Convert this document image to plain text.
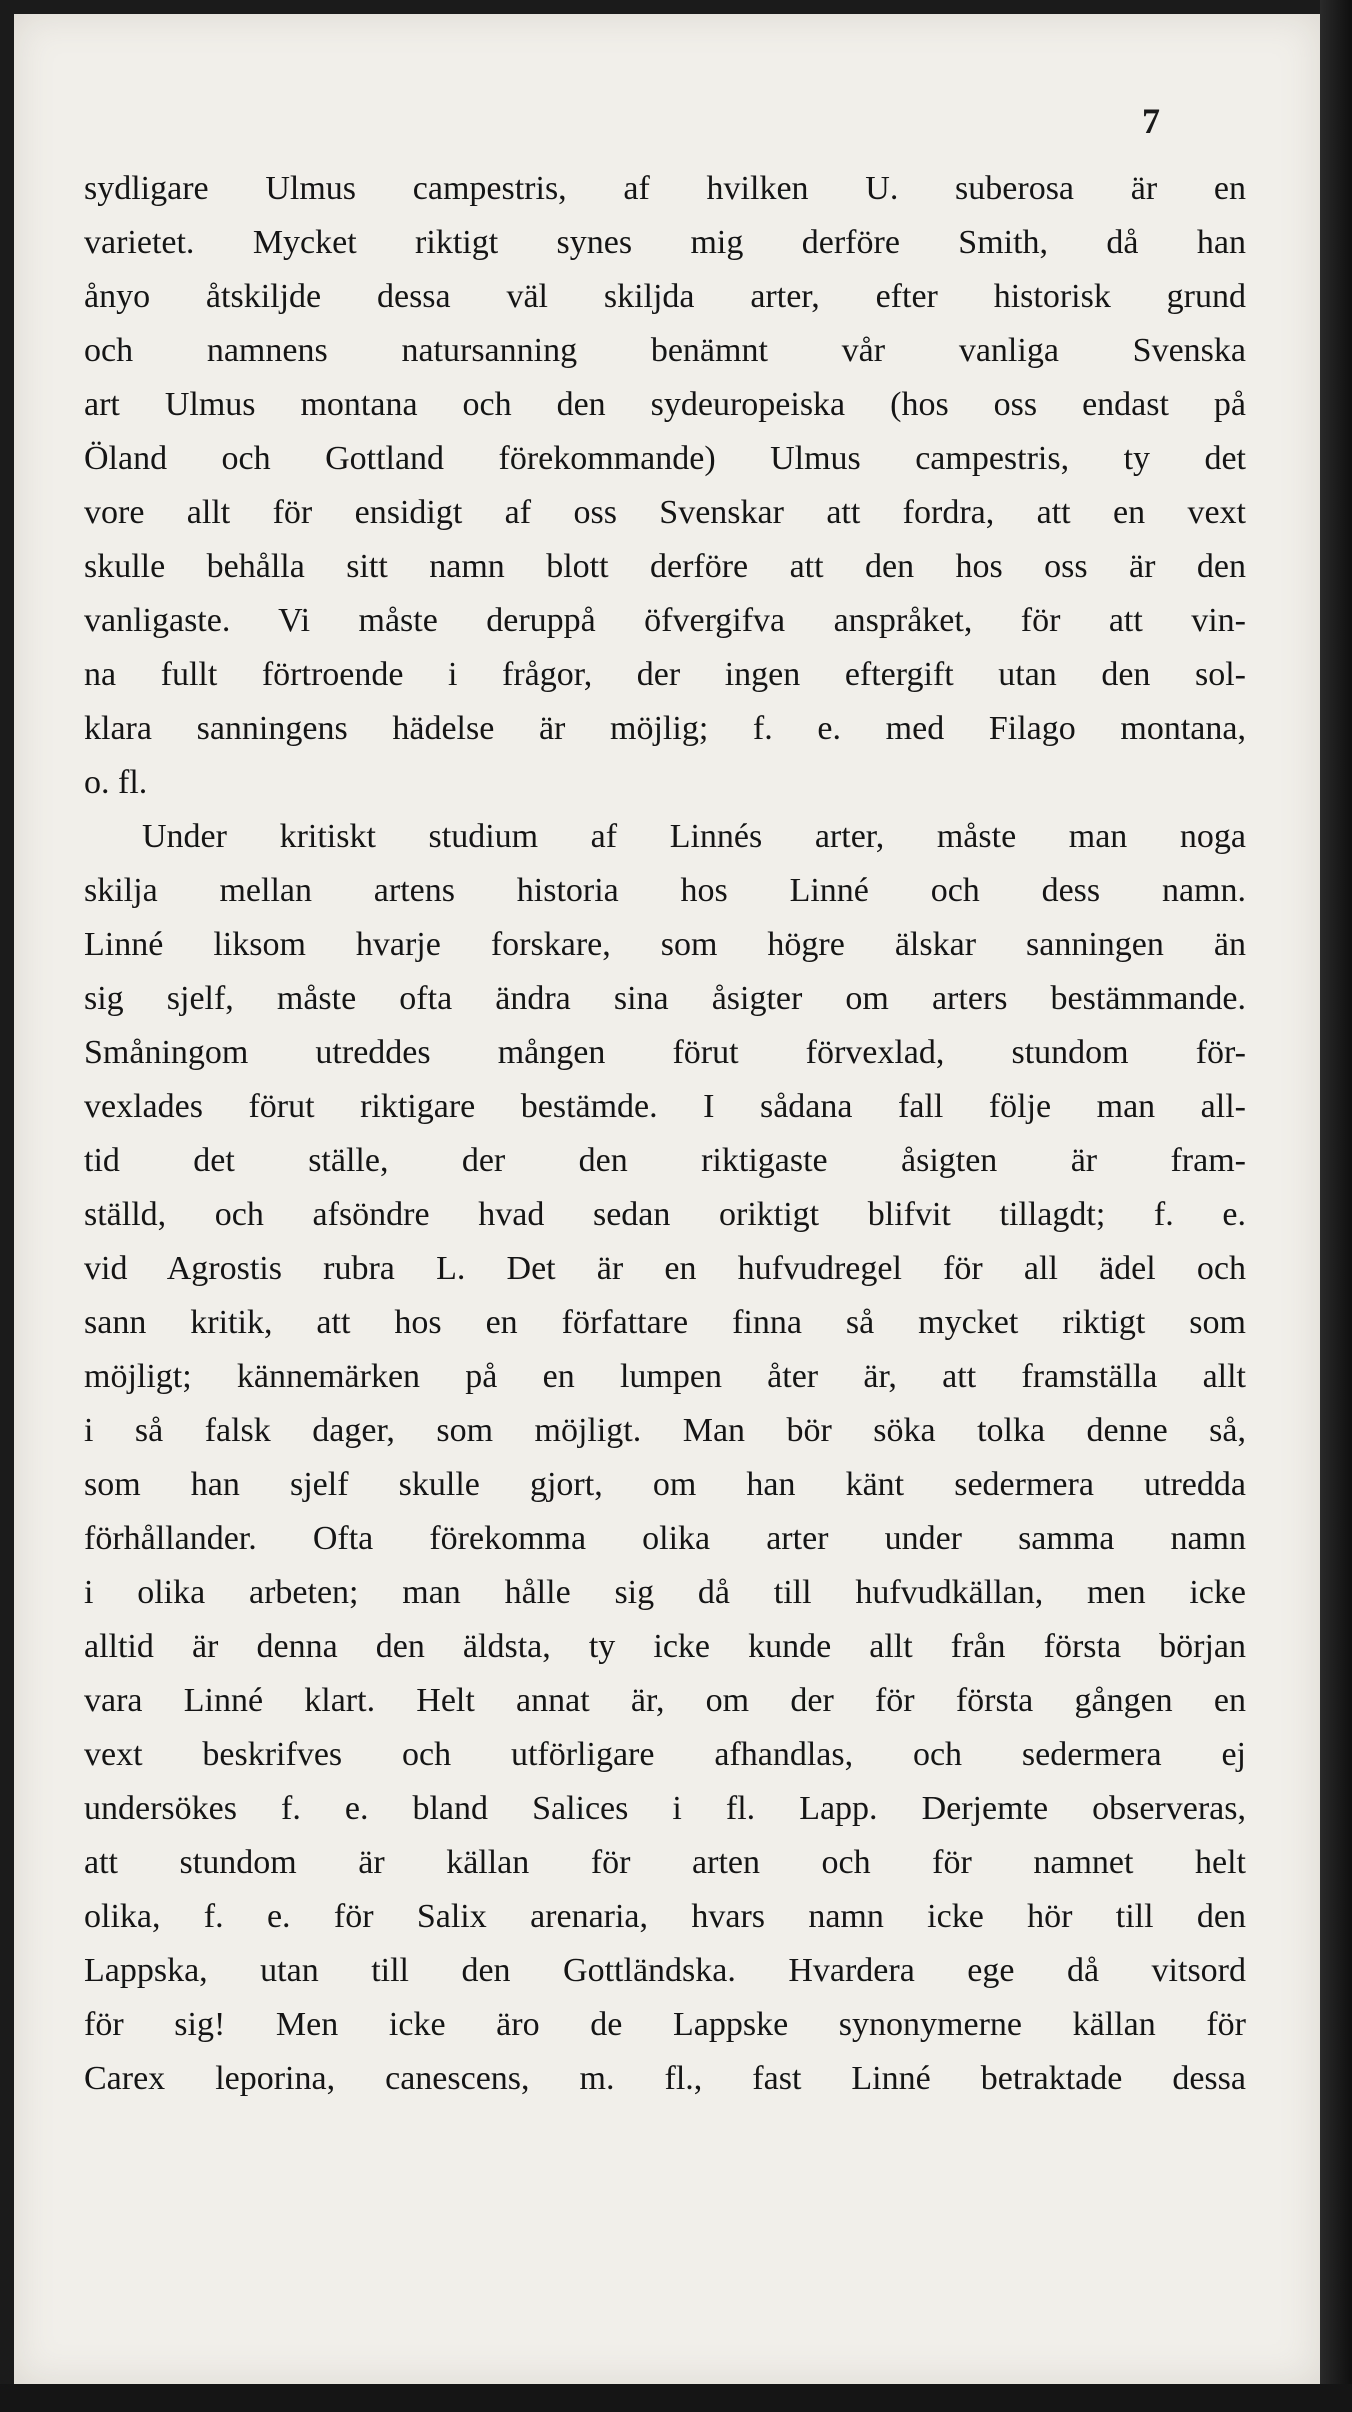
7
sydligare Ulmus campestris, af hvilken U. suberosa är en
varietet. Mycket riktigt synes mig derföre Smith, då han
ånyo åtskiljde dessa väl skiljda arter, efter historisk grund
och namnens natursanning benämnt vår vanliga Svenska
art Ulmus montana och den sydeuropeiska (hos oss endast på
Öland och Gottland förekommande) Ulmus campestris, ty det
vore allt för ensidigt af oss Svenskar att fordra, att en vext
skulle behålla sitt namn blott derföre att den hos oss är den
vanligaste. Vi måste deruppå öfvergifva anspråket, för att vin-
na fullt förtroende i frågor, der ingen eftergift utan den sol-
klara sanningens hädelse är möjlig; f. e. med Filago montana,
o. fl.
Under kritiskt studium af Linnés arter, måste man noga
skilja mellan artens historia hos Linné och dess namn.
Linné liksom hvarje forskare, som högre älskar sanningen än
sig sjelf, måste ofta ändra sina åsigter om arters bestämmande.
Småningom utreddes mången förut förvexlad, stundom för-
vexlades förut riktigare bestämde. I sådana fall följe man all-
tid det ställe, der den riktigaste åsigten är fram-
ställd, och afsöndre hvad sedan oriktigt blifvit tillagdt; f. e.
vid Agrostis rubra L. Det är en hufvudregel för all ädel och
sann kritik, att hos en författare finna så mycket riktigt som
möjligt; kännemärken på en lumpen åter är, att framställa allt
i så falsk dager, som möjligt. Man bör söka tolka denne så,
som han sjelf skulle gjort, om han känt sedermera utredda
förhållander. Ofta förekomma olika arter under samma namn
i olika arbeten; man hålle sig då till hufvudkällan, men icke
alltid är denna den äldsta, ty icke kunde allt från första början
vara Linné klart. Helt annat är, om der för första gången en
vext beskrifves och utförligare afhandlas, och sedermera ej
undersökes f. e. bland Salices i fl. Lapp. Derjemte observeras,
att stundom är källan för arten och för namnet helt
olika, f. e. för Salix arenaria, hvars namn icke hör till den
Lappska, utan till den Gottländska. Hvardera ege då vitsord
för sig! Men icke äro de Lappske synonymerne källan för
Carex leporina, canescens, m. fl., fast Linné betraktade dessa
